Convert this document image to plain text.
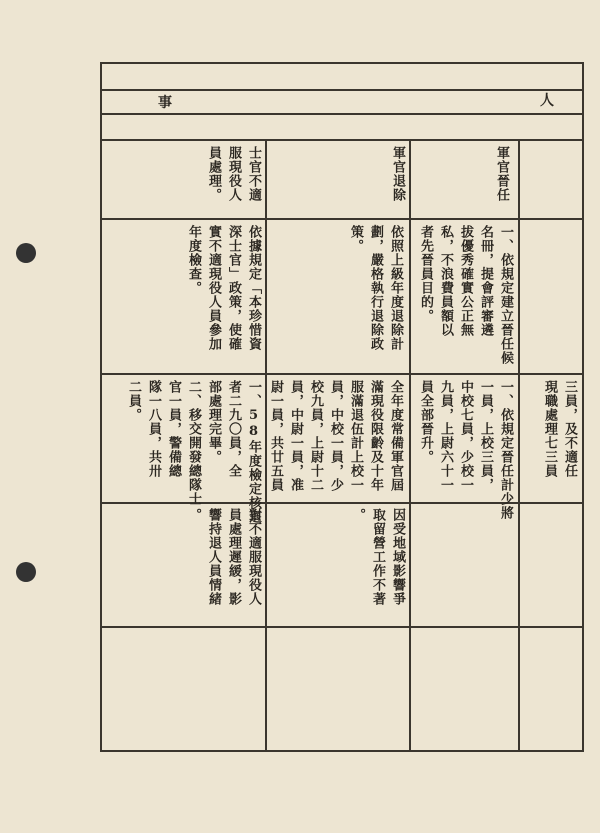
事	人
軍官晉任
軍官退除
士官不適
服現役人
員處理。
一、依規定建立晉任候
名冊，提會評審遴
拔優秀確實公正無
私，不浪費員額以
者先晉員目的。
依照上級年度退除計
劃，嚴格執行退除政
策。
依據規定「本珍惜資
深士官」政策，使確
實不適現役人員參加
年度檢查。
三員，及不適任
現職處理七三員
一、依規定晉任計少將
一員，上校三員，
中校七員，少校一
九員，上尉六十一
員全部晉升。
全年度常備軍官屆
滿現役限齡及十年
服滿退伍計上校一
員，中校一員，少
校九員，上尉十二
員，中尉一員，准
尉一員，共廿五員
一、58年度檢定核退
者二九〇員，全
部處理完畢。
二、移交開發總隊士
官一員，警備總
隊一八員，共卅
二員。
因受地域影響爭
取留營工作不著
。
對不適服現役人
員處理遲緩，影
響持退人員情緒
。
